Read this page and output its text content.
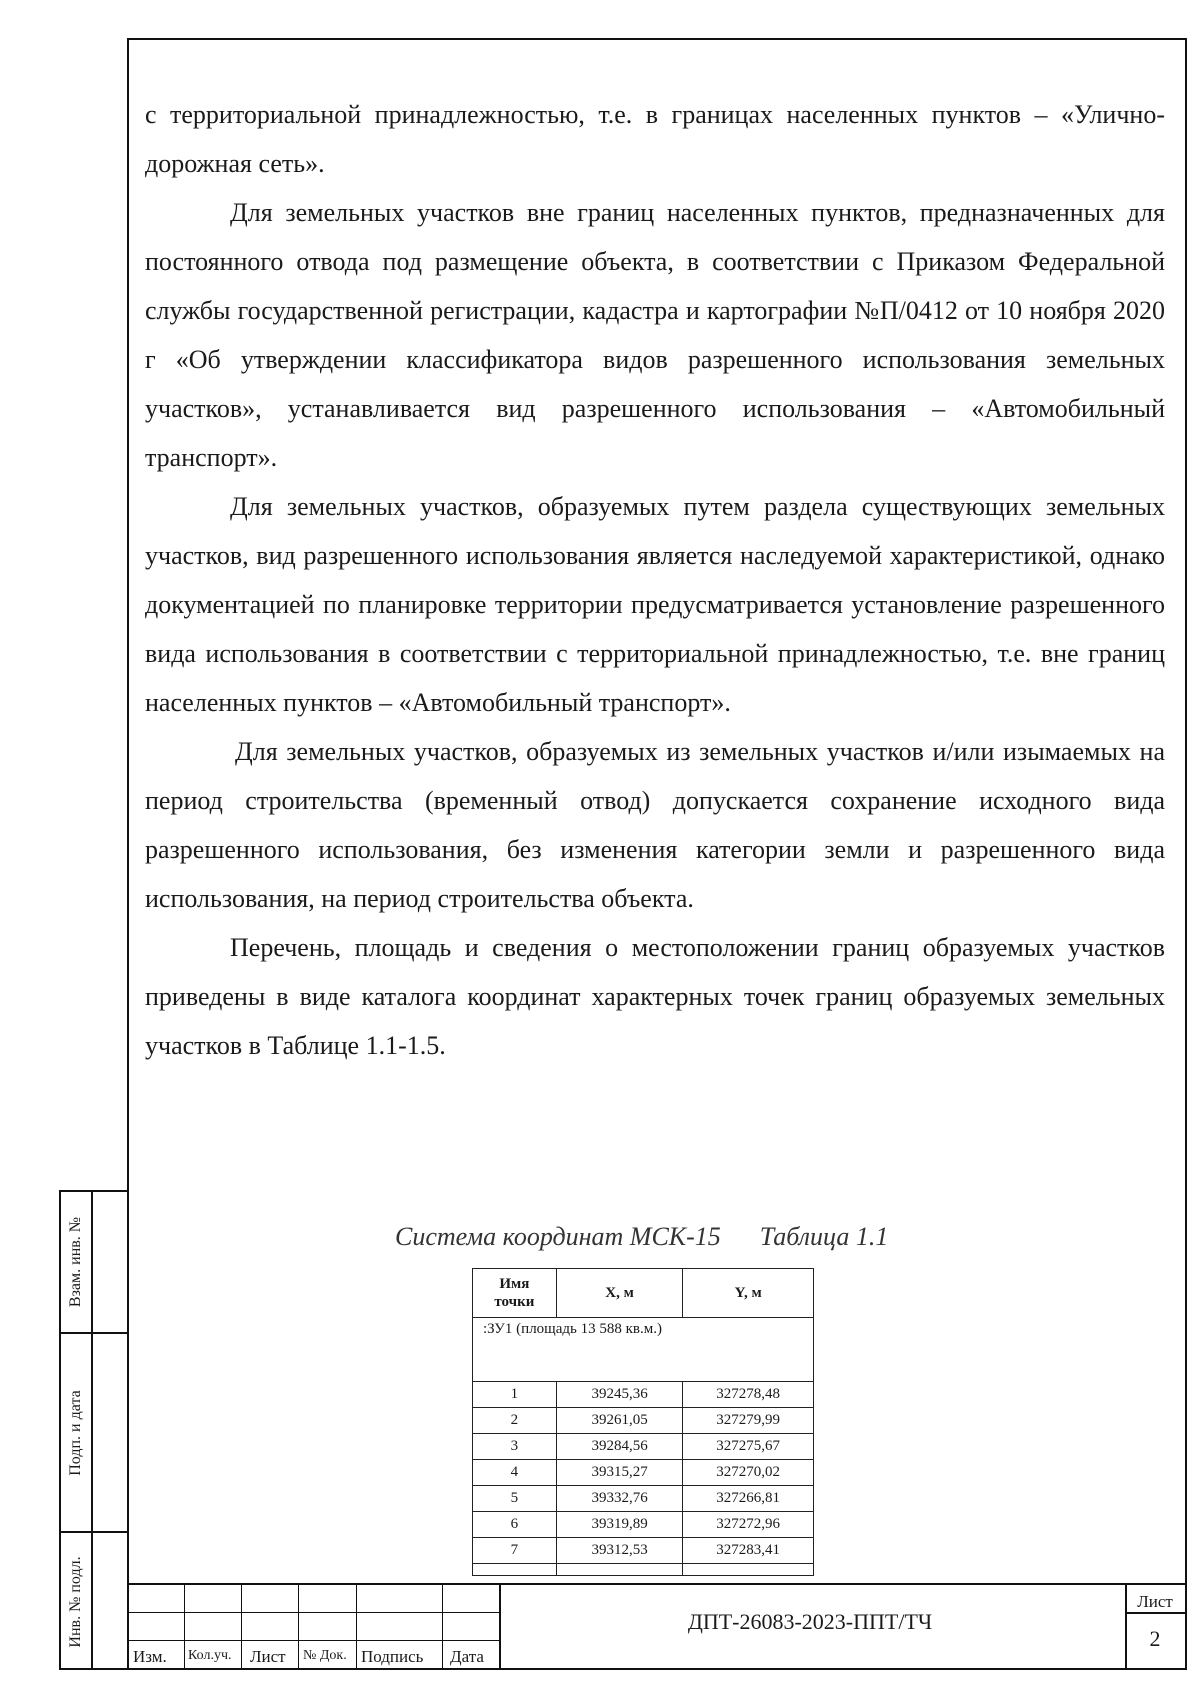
с территориальной принадлежностью, т.е. в границах населенных пунктов – «Улично-дорожная сеть».

Для земельных участков вне границ населенных пунктов, предназначенных для постоянного отвода под размещение объекта, в соответствии с Приказом Федеральной службы государственной регистрации, кадастра и картографии №П/0412 от 10 ноября 2020 г «Об утверждении классификатора видов разрешенного использования земельных участков», устанавливается вид разрешенного использования – «Автомобильный транспорт».

Для земельных участков, образуемых путем раздела существующих земельных участков, вид разрешенного использования является наследуемой характеристикой, однако документацией по планировке территории предусматривается установление разрешенного вида использования в соответствии с территориальной принадлежностью, т.е. вне границ населенных пунктов – «Автомобильный транспорт».

Для земельных участков, образуемых из земельных участков и/или изымаемых на период строительства (временный отвод) допускается сохранение исходного вида разрешенного использования, без изменения категории земли и разрешенного вида использования, на период строительства объекта.

Перечень, площадь и сведения о местоположении границ образуемых участков приведены в виде каталога координат характерных точек границ образуемых земельных участков в Таблице 1.1-1.5.

Система координат МСК-15      Таблица 1.1
Имя
точки	X, м	Y, м
:ЗУ1 (площадь 13 588 кв.м.)		
1	39245,36	327278,48
2	39261,05	327279,99
3	39284,56	327275,67
4	39315,27	327270,02
5	39332,76	327266,81
6	39319,89	327272,96
7	39312,53	327283,41

Взам. инв. №
Подп. и дата
Инв. № подл.
Изм. Кол.уч. Лист № Док. Подпись Дата
ДПТ-26083-2023-ППТ/ТЧ
Лист
2
